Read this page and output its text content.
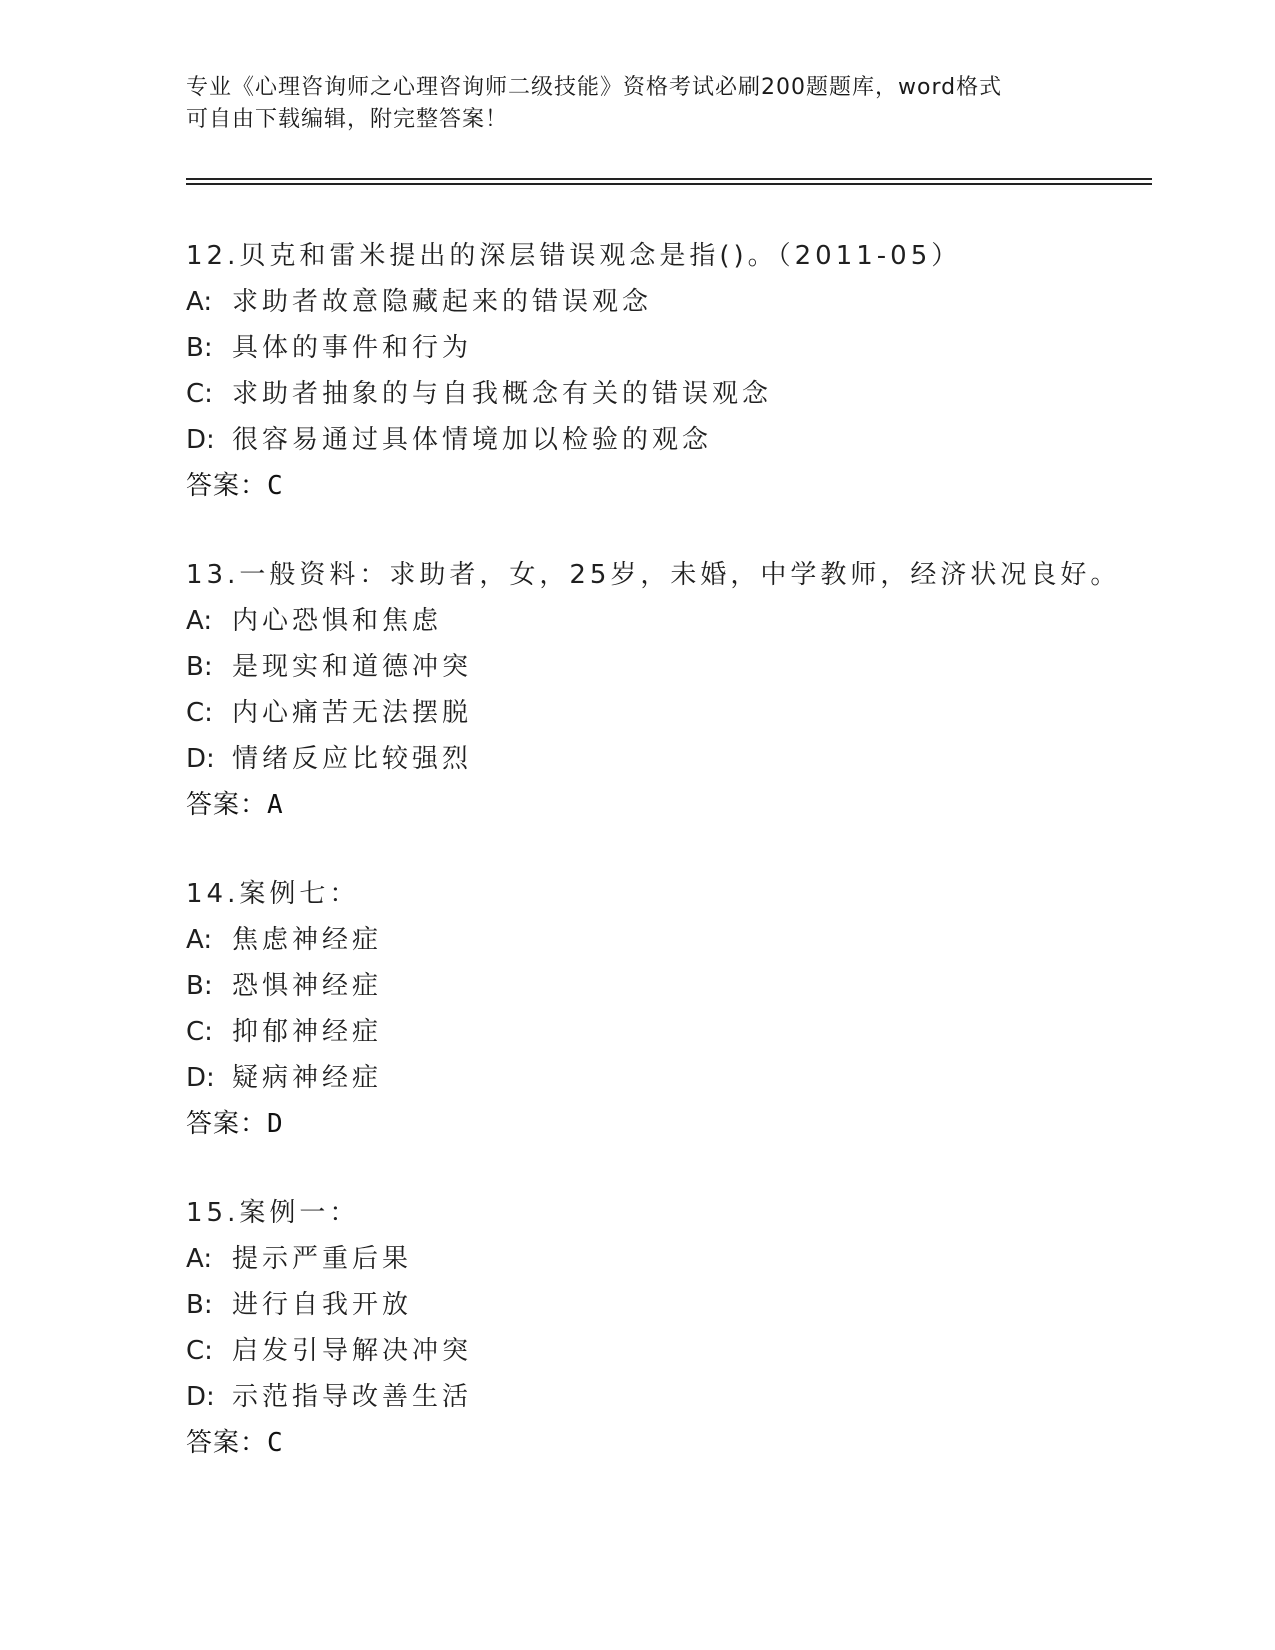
专业《心理咨询师之心理咨询师二级技能》资格考试必刷200题题库，word格式
可自由下载编辑，附完整答案！
12.贝克和雷米提出的深层错误观念是指()。（2011-05）
A: 求助者故意隐藏起来的错误观念
B: 具体的事件和行为
C: 求助者抽象的与自我概念有关的错误观念
D: 很容易通过具体情境加以检验的观念
答案：C
13.一般资料：求助者，女，25岁，未婚，中学教师，经济状况良好。
A: 内心恐惧和焦虑
B: 是现实和道德冲突
C: 内心痛苦无法摆脱
D: 情绪反应比较强烈
答案：A
14.案例七：
A: 焦虑神经症
B: 恐惧神经症
C: 抑郁神经症
D: 疑病神经症
答案：D
15.案例一：
A: 提示严重后果
B: 进行自我开放
C: 启发引导解决冲突
D: 示范指导改善生活
答案：C
